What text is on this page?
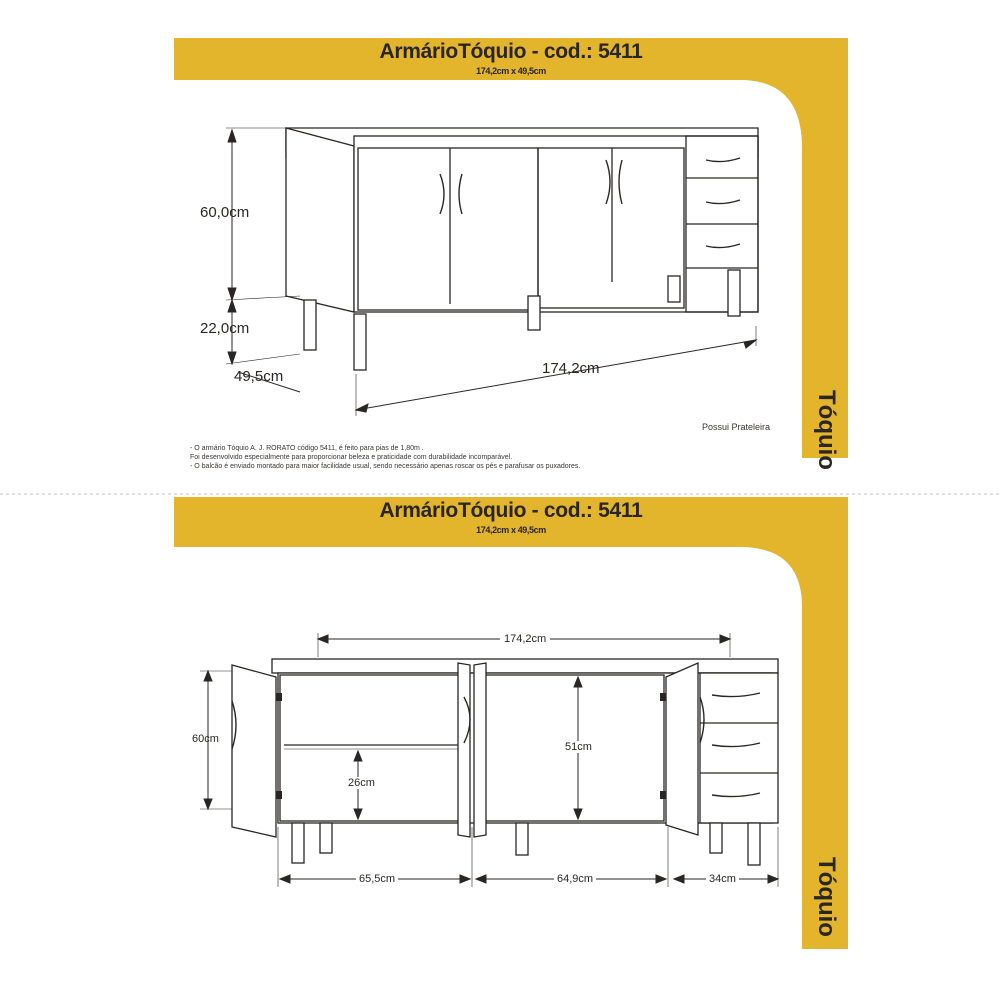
ArmárioTóquio - cod.: 5411
174,2cm x 49,5cm
Tóquio
60,0cm
22,0cm
49,5cm	174,2cm
Possui Prateleira
- O armário Tóquio A. J. RORATO código 5411, é feito para pias de 1,80m .
Foi desenvolvido especialmente para proporcionar beleza e praticidade com durabilidade incomparável.
- O balcão é enviado montado para maior facilidade usual, sendo necessário apenas roscar os pés e parafusar os puxadores.
ArmárioTóquio - cod.: 5411
174,2cm x 49,5cm
Tóquio
174,2cm
60cm
26cm
51cm
65,5cm	64,9cm	34cm
